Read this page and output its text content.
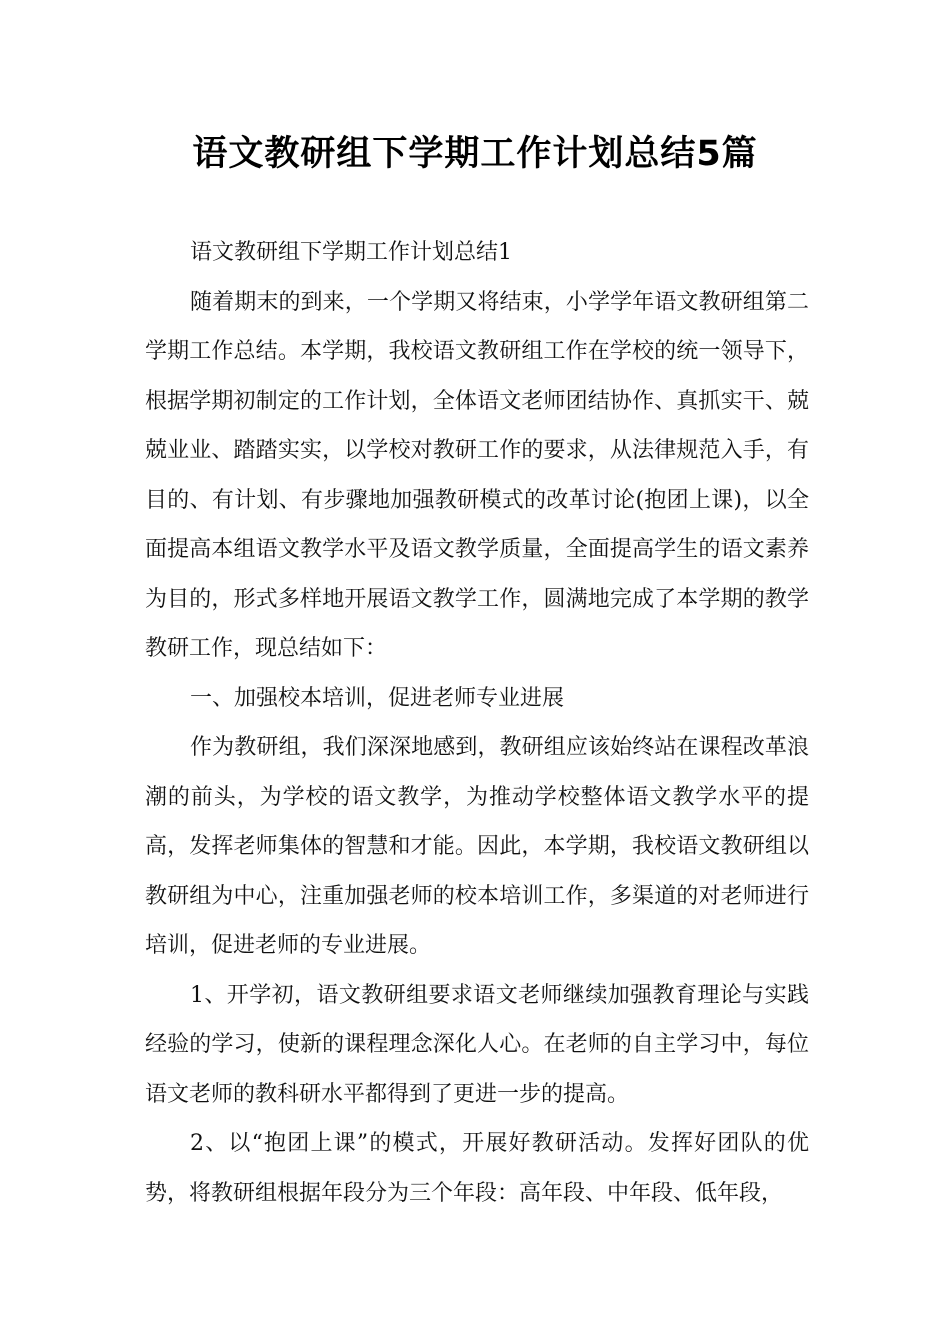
语文教研组下学期工作计划总结5篇

语文教研组下学期工作计划总结1

随着期末的到来，一个学期又将结束，小学学年语文教研组第二学期工作总结。本学期，我校语文教研组工作在学校的统一领导下，根据学期初制定的工作计划，全体语文老师团结协作、真抓实干、兢兢业业、踏踏实实，以学校对教研工作的要求，从法律规范入手，有目的、有计划、有步骤地加强教研模式的改革讨论(抱团上课)，以全面提高本组语文教学水平及语文教学质量，全面提高学生的语文素养为目的，形式多样地开展语文教学工作，圆满地完成了本学期的教学教研工作，现总结如下：

一、加强校本培训，促进老师专业进展

作为教研组，我们深深地感到，教研组应该始终站在课程改革浪潮的前头，为学校的语文教学，为推动学校整体语文教学水平的提高，发挥老师集体的智慧和才能。因此，本学期，我校语文教研组以教研组为中心，注重加强老师的校本培训工作，多渠道的对老师进行培训，促进老师的专业进展。

1、开学初，语文教研组要求语文老师继续加强教育理论与实践经验的学习，使新的课程理念深化人心。在老师的自主学习中，每位语文老师的教科研水平都得到了更进一步的提高。

2、以“抱团上课”的模式，开展好教研活动。发挥好团队的优势，将教研组根据年段分为三个年段：高年段、中年段、低年段，
